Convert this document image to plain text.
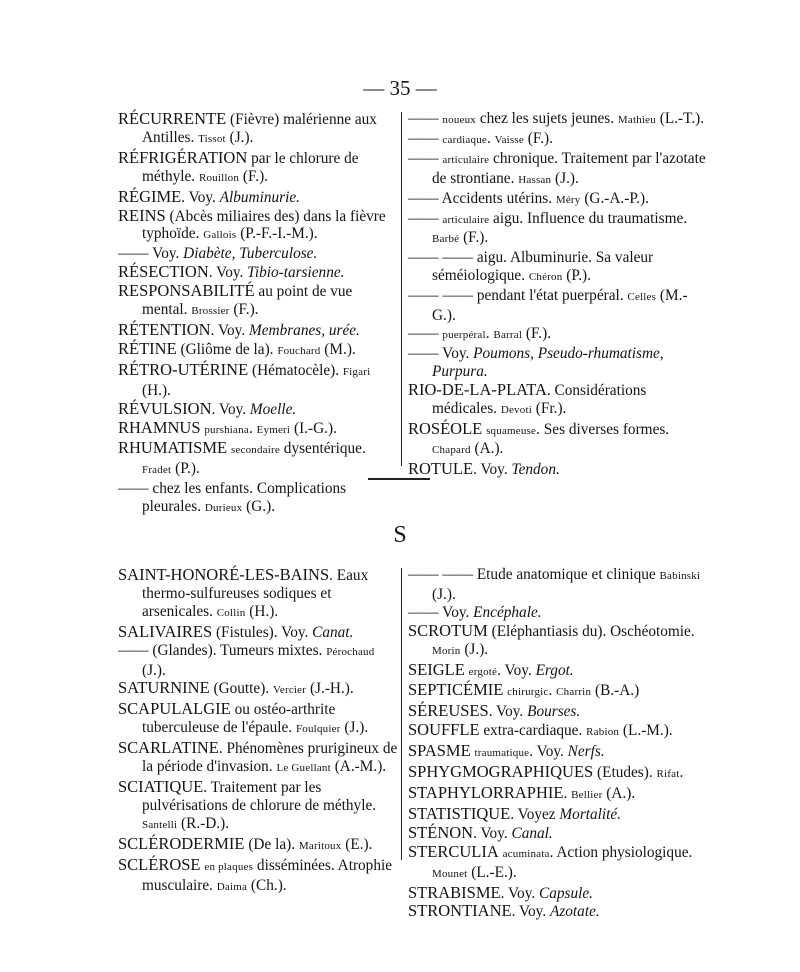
— 35 —
RÉCURRENTE (Fièvre) malérienne aux Antilles. Tissot (J.).
RÉFRIGÉRATION par le chlorure de méthyle. Rouillon (F.).
RÉGIME. Voy. Albuminurie.
REINS (Abcès miliaires des) dans la fièvre typhoïde. Gallois (P.-F.-I.-M.).
—— Voy. Diabète, Tuberculose.
RÉSECTION. Voy. Tibio-tarsienne.
RESPONSABILITÉ au point de vue mental. Brossier (F.).
RÉTENTION. Voy. Membranes, urée.
RÉTINE (Gliôme de la). Fouchard (M.).
RÉTRO-UTÉRINE (Hématocèle). Figari (H.).
RÉVULSION. Voy. Moelle.
RHAMNUS purshiana. Eymeri (I.-G.).
RHUMATISME secondaire dysentérique. Fradet (P.).
—— chez les enfants. Complications pleurales. Durieux (G.).
—— noueux chez les sujets jeunes. Mathieu (L.-T.).
—— cardiaque. Vaisse (F.).
—— articulaire chronique. Traitement par l'azotate de strontiane. Hassan (J.).
—— Accidents utérins. Méry (G.-A.-P.).
—— articulaire aigu. Influence du traumatisme. Barbé (F.).
—— —— aigu. Albuminurie. Sa valeur séméiologique. Chéron (P.).
—— —— pendant l'état puerpéral. Celles (M.-G.).
—— puerpéral. Barral (F.).
—— Voy. Poumons, Pseudo-rhumatisme, Purpura.
RIO-DE-LA-PLATA. Considérations médicales. Devoti (Fr.).
ROSÉOLE squameuse. Ses diverses formes. Chapard (A.).
ROTULE. Voy. Tendon.
S
SAINT-HONORÉ-LES-BAINS. Eaux thermo-sulfureuses sodiques et arsenicales. Collin (H.).
SALIVAIRES (Fistules). Voy. Canat.
—— (Glandes). Tumeurs mixtes. Pérochaud (J.).
SATURNINE (Goutte). Vercier (J.-H.).
SCAPULALGIE ou ostéo-arthrite tuberculeuse de l'épaule. Foulquier (J.).
SCARLATINE. Phénomènes prurigineux de la période d'invasion. Le Guellant (A.-M.).
SCIATIQUE. Traitement par les pulvérisations de chlorure de méthyle. Santelli (R.-D.).
SCLÉRODERMIE (De la). Maritoux (E.).
SCLÉROSE en plaques disséminées. Atrophie musculaire. Daima (Ch.).
—— —— Etude anatomique et clinique Babinski (J.).
—— Voy. Encéphale.
SCROTUM (Eléphantiasis du). Oschéotomie. Morin (J.).
SEIGLE ergoté. Voy. Ergot.
SEPTICÉMIE chirurgic. Charrin (B.-A.)
SÉREUSES. Voy. Bourses.
SOUFFLE extra-cardiaque. Rabion (L.-M.).
SPASME traumatique. Voy. Nerfs.
SPHYGMOGRAPHIQUES (Etudes). Rifat.
STAPHYLORRAPHIE. Bellier (A.).
STATISTIQUE. Voyez Mortalité.
STÉNON. Voy. Canal.
STERCULIA acuminata. Action physiologique. Mounet (L.-E.).
STRABISME. Voy. Capsule.
STRONTIANE. Voy. Azotate.
